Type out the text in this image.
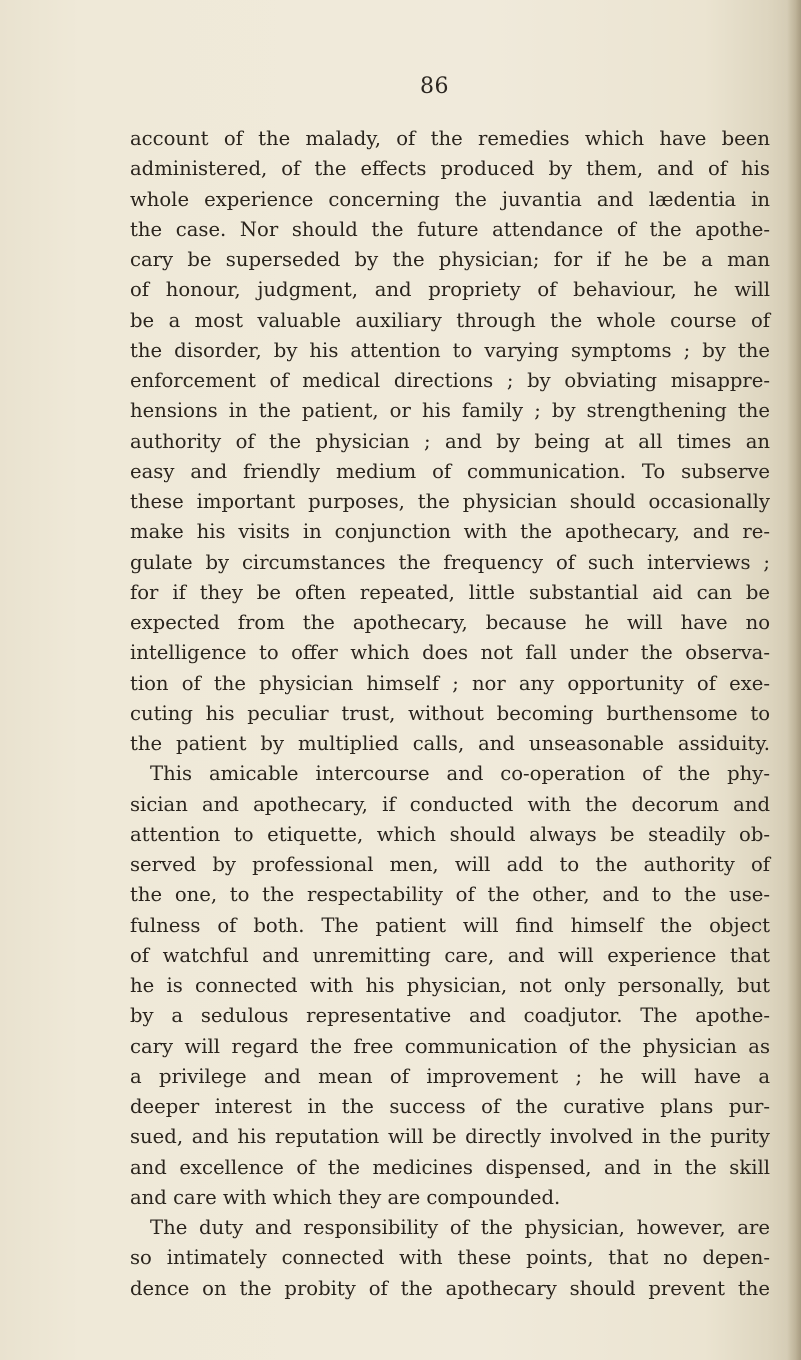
86
account of the malady, of the remedies which have been
administered, of the effects produced by them, and of his
whole experience concerning the juvantia and lædentia in
the case. Nor should the future attendance of the apothe-
cary be superseded by the physician; for if he be a man
of honour, judgment, and propriety of behaviour, he will
be a most valuable auxiliary through the whole course of
the disorder, by his attention to varying symptoms ; by the
enforcement of medical directions ; by obviating misappre-
hensions in the patient, or his family ; by strengthening the
authority of the physician ; and by being at all times an
easy and friendly medium of communication. To subserve
these important purposes, the physician should occasionally
make his visits in conjunction with the apothecary, and re-
gulate by circumstances the frequency of such interviews ;
for if they be often repeated, little substantial aid can be
expected from the apothecary, because he will have no
intelligence to offer which does not fall under the observa-
tion of the physician himself ; nor any opportunity of exe-
cuting his peculiar trust, without becoming burthensome to
the patient by multiplied calls, and unseasonable assiduity.
This amicable intercourse and co-operation of the phy-
sician and apothecary, if conducted with the decorum and
attention to etiquette, which should always be steadily ob-
served by professional men, will add to the authority of
the one, to the respectability of the other, and to the use-
fulness of both. The patient will find himself the object
of watchful and unremitting care, and will experience that
he is connected with his physician, not only personally, but
by a sedulous representative and coadjutor. The apothe-
cary will regard the free communication of the physician as
a privilege and mean of improvement ; he will have a
deeper interest in the success of the curative plans pur-
sued, and his reputation will be directly involved in the purity
and excellence of the medicines dispensed, and in the skill
and care with which they are compounded.
The duty and responsibility of the physician, however, are
so intimately connected with these points, that no depen-
dence on the probity of the apothecary should prevent the
